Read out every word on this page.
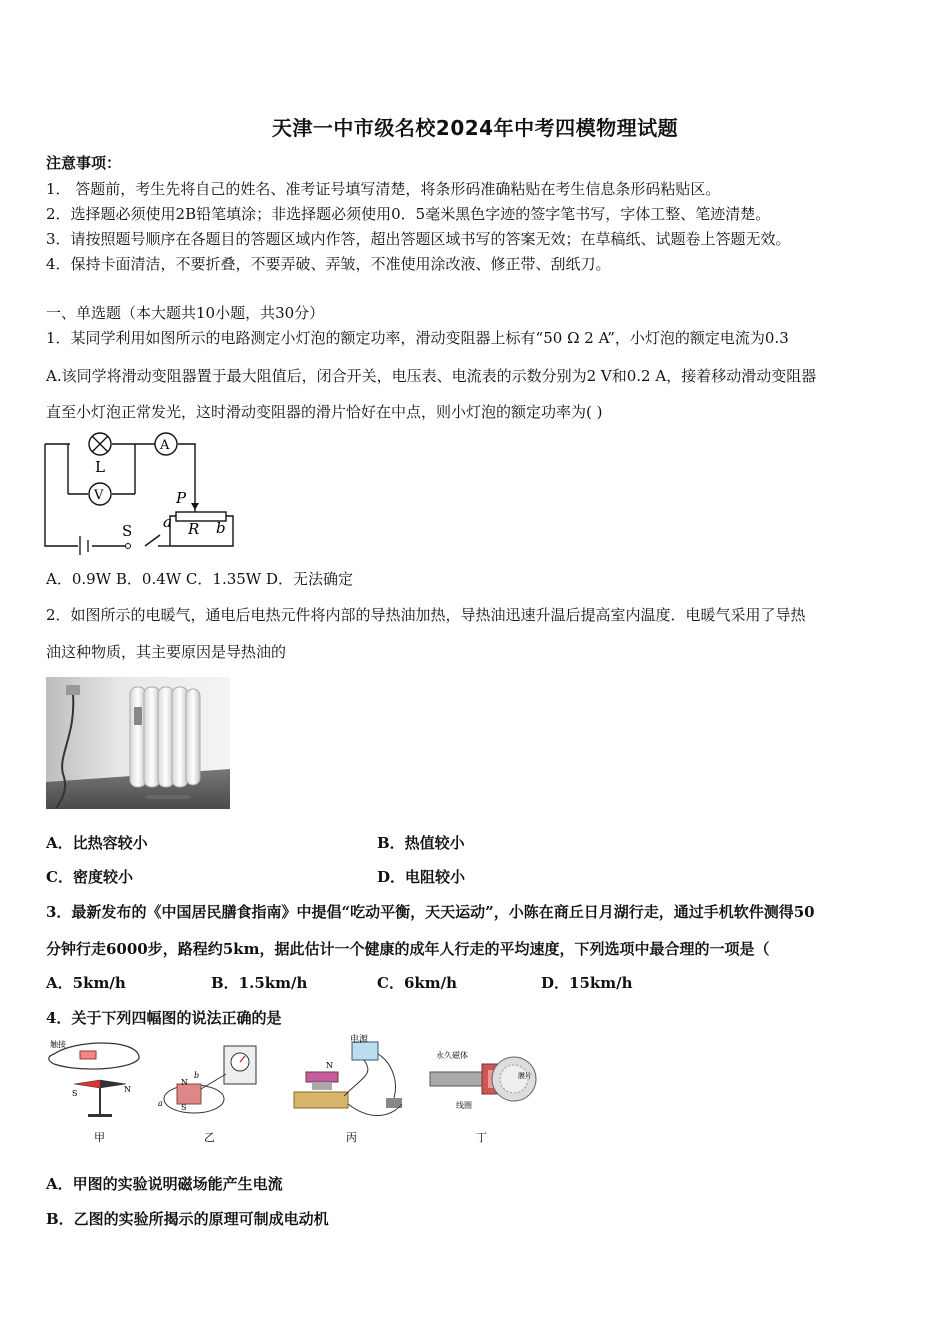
天津一中市级名校2024年中考四模物理试题
注意事项：
1． 答题前，考生先将自己的姓名、准考证号填写清楚，将条形码准确粘贴在考生信息条形码粘贴区。
2．选择题必须使用2B铅笔填涂；非选择题必须使用0．5毫米黑色字迹的签字笔书写，字体工整、笔迹清楚。
3．请按照题号顺序在各题目的答题区域内作答，超出答题区域书写的答案无效；在草稿纸、试题卷上答题无效。
4．保持卡面清洁，不要折叠，不要弄破、弄皱，不准使用涂改液、修正带、刮纸刀。
一、单选题（本大题共10小题，共30分）
1．某同学利用如图所示的电路测定小灯泡的额定功率，滑动变阻器上标有“50 Ω 2 A”，小灯泡的额定电流为0.3
A.该同学将滑动变阻器置于最大阻值后，闭合开关，电压表、电流表的示数分别为2 V和0.2 A，接着移动滑动变阻器
直至小灯泡正常发光，这时滑动变阻器的滑片恰好在中点，则小灯泡的额定功率为( )
L
A
V
S
P
a	b
R
A．0.9W B．0.4W C．1.35W D．无法确定
2．如图所示的电暖气，通电后电热元件将内部的导热油加热，导热油迅速升温后提高室内温度．电暖气采用了导热
油这种物质，其主要原因是导热油的
A．比热容较小	B．热值较小
C．密度较小	D．电阻较小
3．最新发布的《中国居民膳食指南》中提倡“吃动平衡，天天运动”，小陈在商丘日月湖行走，通过手机软件测得50
分钟行走6000步，路程约5km，据此估计一个健康的成年人行走的平均速度，下列选项中最合理的一项是（
A．5km/h	B．1.5km/h	C．6km/h	D．15km/h
4．关于下列四幅图的说法正确的是
触接
S	N
N
S
a
b
N
电源
永久磁体
线圈
膜片
甲	乙	丙	丁
A．甲图的实验说明磁场能产生电流
B．乙图的实验所揭示的原理可制成电动机
